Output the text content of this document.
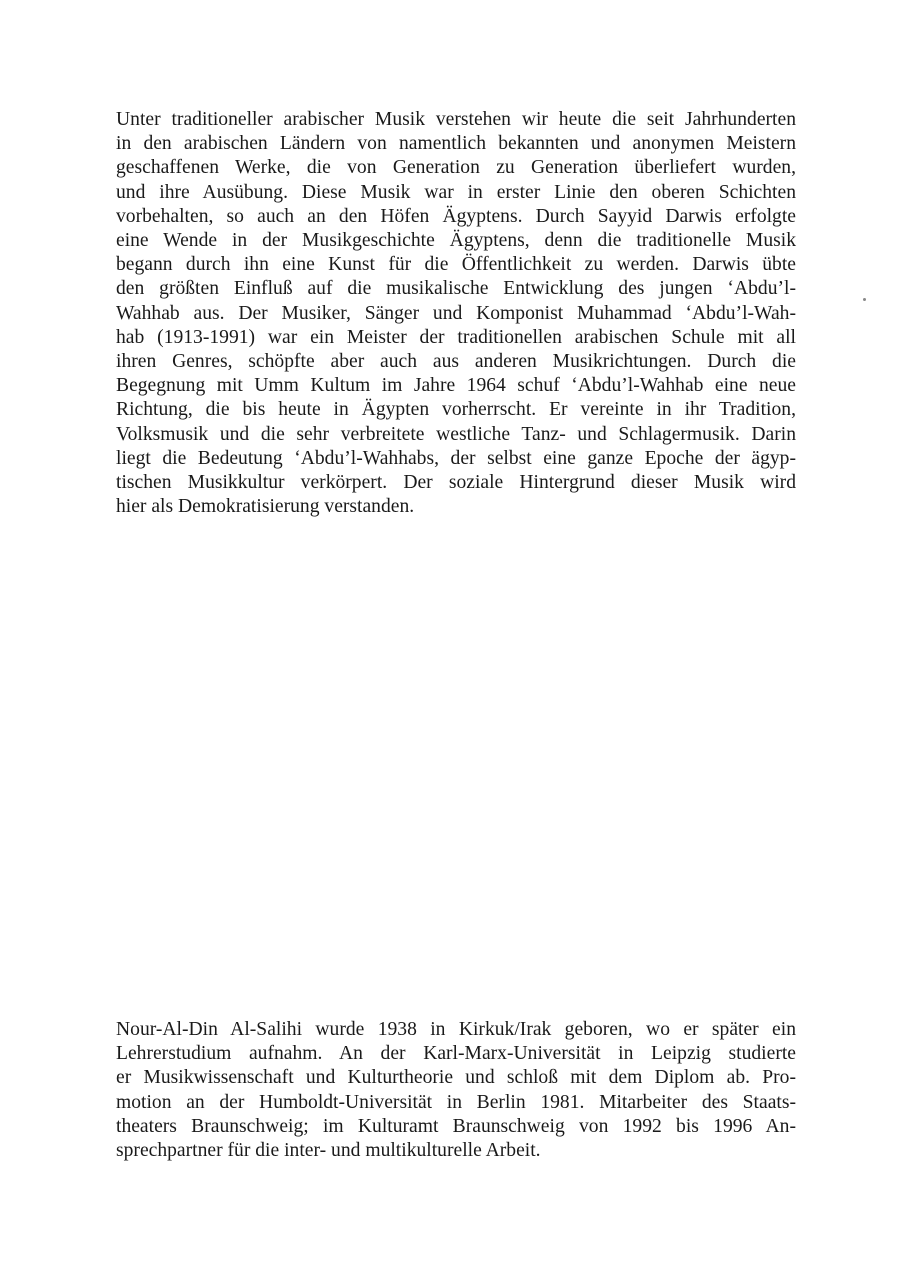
Unter traditioneller arabischer Musik verstehen wir heute die seit Jahrhunderten
in den arabischen Ländern von namentlich bekannten und anonymen Meistern
geschaffenen Werke, die von Generation zu Generation überliefert wurden,
und ihre Ausübung. Diese Musik war in erster Linie den oberen Schichten
vorbehalten, so auch an den Höfen Ägyptens. Durch Sayyid Darwis erfolgte
eine Wende in der Musikgeschichte Ägyptens, denn die traditionelle Musik
begann durch ihn eine Kunst für die Öffentlichkeit zu werden. Darwis übte
den größten Einfluß auf die musikalische Entwicklung des jungen ‘Abdu’l-
Wahhab aus. Der Musiker, Sänger und Komponist Muhammad ‘Abdu’l-Wah-
hab (1913-1991) war ein Meister der traditionellen arabischen Schule mit all
ihren Genres, schöpfte aber auch aus anderen Musikrichtungen. Durch die
Begegnung mit Umm Kultum im Jahre 1964 schuf ‘Abdu’l-Wahhab eine neue
Richtung, die bis heute in Ägypten vorherrscht. Er vereinte in ihr Tradition,
Volksmusik und die sehr verbreitete westliche Tanz- und Schlagermusik. Darin
liegt die Bedeutung ‘Abdu’l-Wahhabs, der selbst eine ganze Epoche der ägyp-
tischen Musikkultur verkörpert. Der soziale Hintergrund dieser Musik wird
hier als Demokratisierung verstanden.
Nour-Al-Din Al-Salihi wurde 1938 in Kirkuk/Irak geboren, wo er später ein
Lehrerstudium aufnahm. An der Karl-Marx-Universität in Leipzig studierte
er Musikwissenschaft und Kulturtheorie und schloß mit dem Diplom ab. Pro-
motion an der Humboldt-Universität in Berlin 1981. Mitarbeiter des Staats-
theaters Braunschweig; im Kulturamt Braunschweig von 1992 bis 1996 An-
sprechpartner für die inter- und multikulturelle Arbeit.
